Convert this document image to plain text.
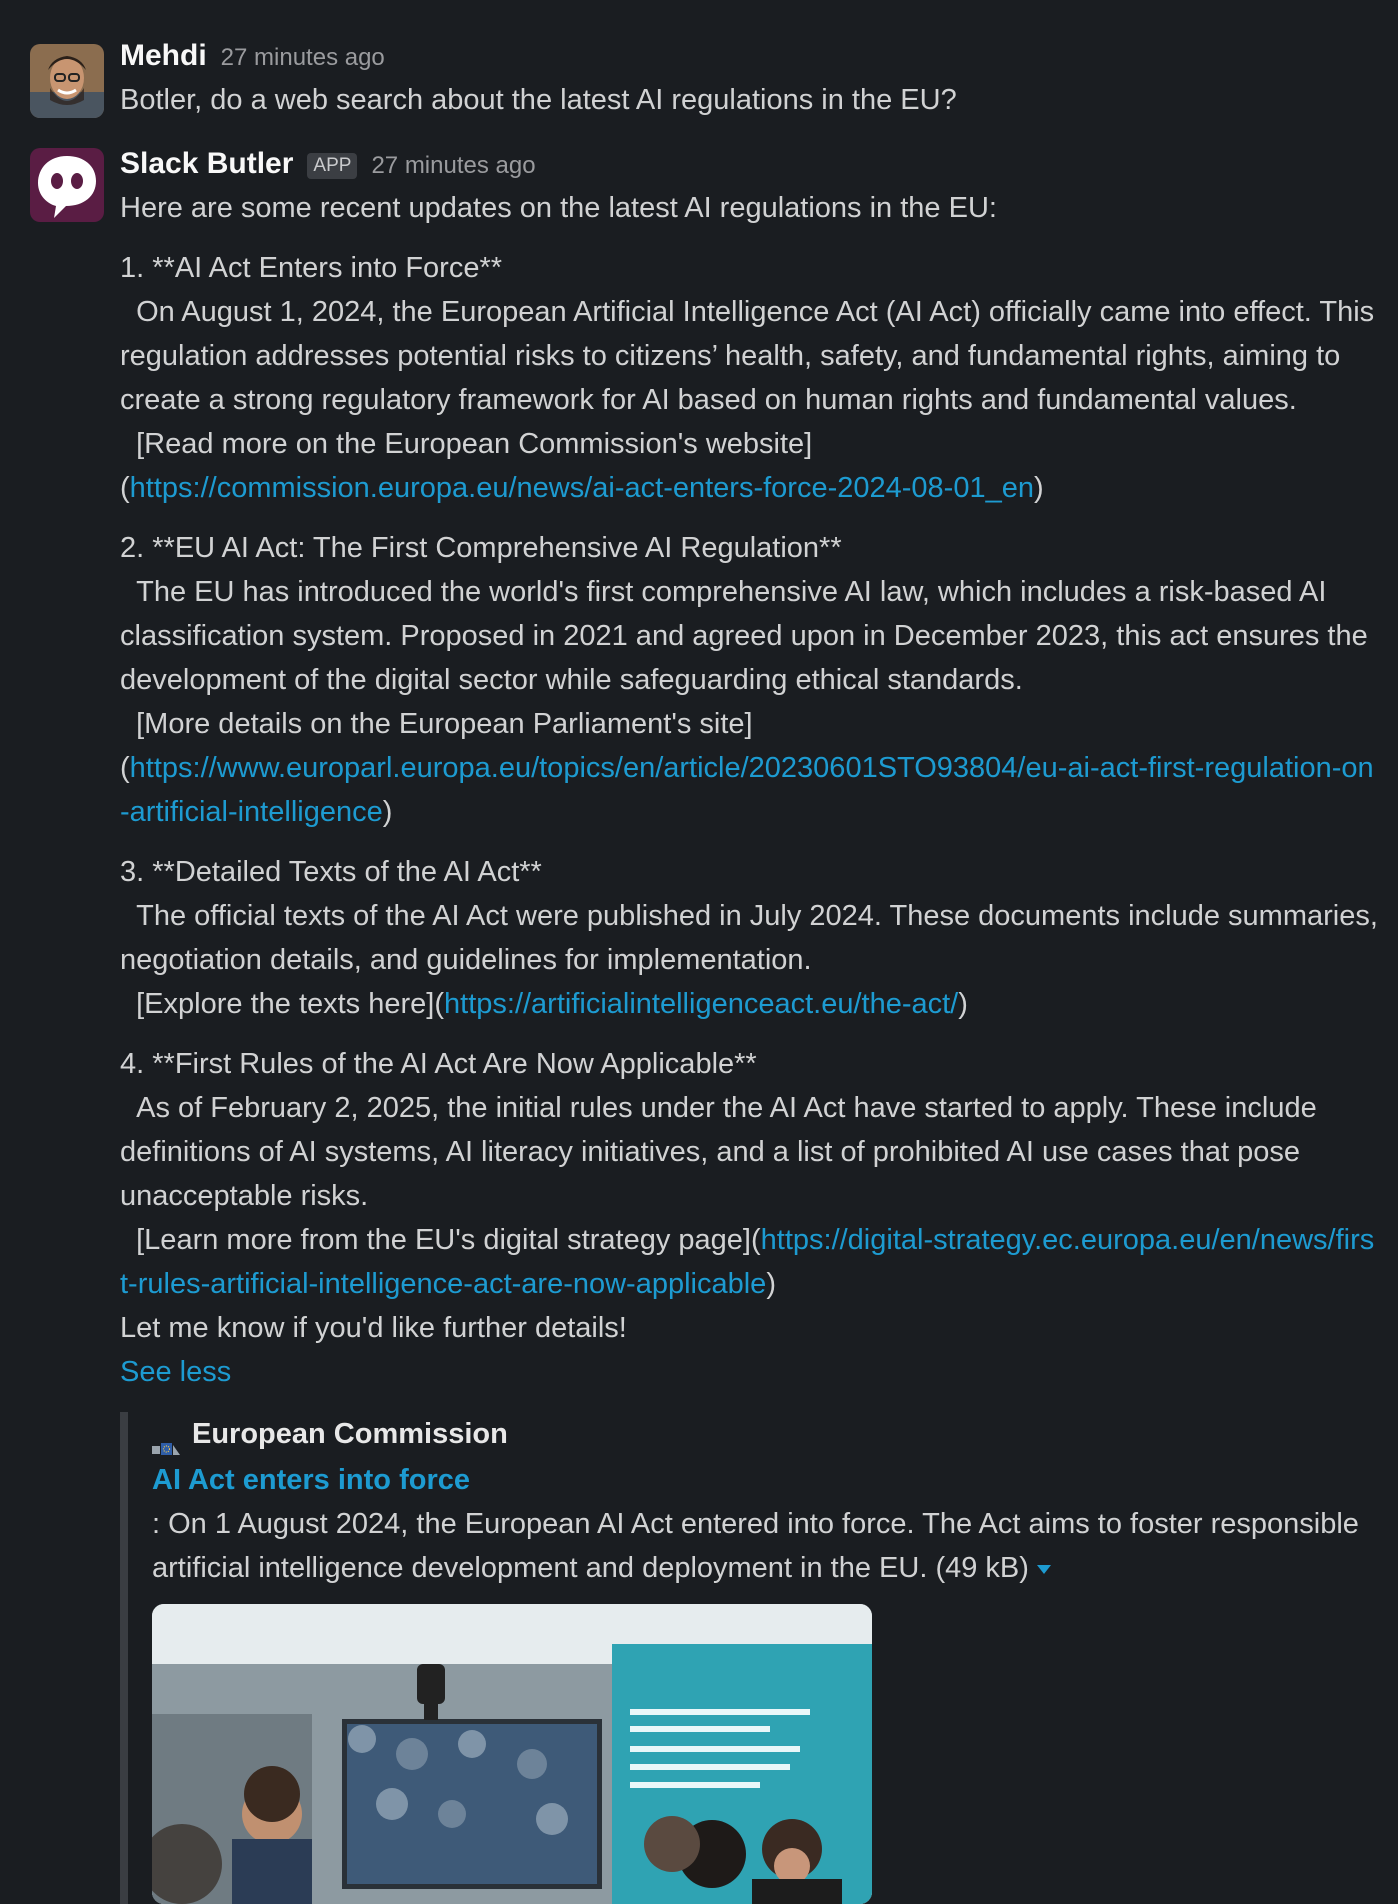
Mehdi 27 minutes ago
Botler, do a web search about the latest AI regulations in the EU?
Slack Butler	APP 27 minutes ago

Here are some recent updates on the latest AI regulations in the EU:

1. **AI Act Enters into Force**
On August 1, 2024, the European Artificial Intelligence Act (AI Act) officially came into effect. This regulation addresses potential risks to citizens’ health, safety, and fundamental rights, aiming to create a strong regulatory framework for AI based on human rights and fundamental values.
[Read more on the European Commission's website]
(https://commission.europa.eu/news/ai-act-enters-force-2024-08-01_en)
2. **EU AI Act: The First Comprehensive AI Regulation**
The EU has introduced the world's first comprehensive AI law, which includes a risk-based AI classification system. Proposed in 2021 and agreed upon in December 2023, this act ensures the development of the digital sector while safeguarding ethical standards.
[More details on the European Parliament's site]
(https://www.europarl.europa.eu/topics/en/article/20230601STO93804/eu-ai-act-first-regulation-on-artificial-intelligence)
3. **Detailed Texts of the AI Act**
The official texts of the AI Act were published in July 2024. These documents include summaries, negotiation details, and guidelines for implementation.
[Explore the texts here](https://artificialintelligenceact.eu/the-act/)
4. **First Rules of the AI Act Are Now Applicable**
As of February 2, 2025, the initial rules under the AI Act have started to apply. These include definitions of AI systems, AI literacy initiatives, and a list of prohibited AI use cases that pose unacceptable risks.
[Learn more from the EU's digital strategy page](https://digital-strategy.ec.europa.eu/en/news/first-rules-artificial-intelligence-act-are-now-applicable)

Let me know if you'd like further details!

See less
European Commission
AI Act enters into force
: On 1 August 2024, the European AI Act entered into force. The Act aims to foster responsible artificial intelligence development and deployment in the EU. (49 kB)
